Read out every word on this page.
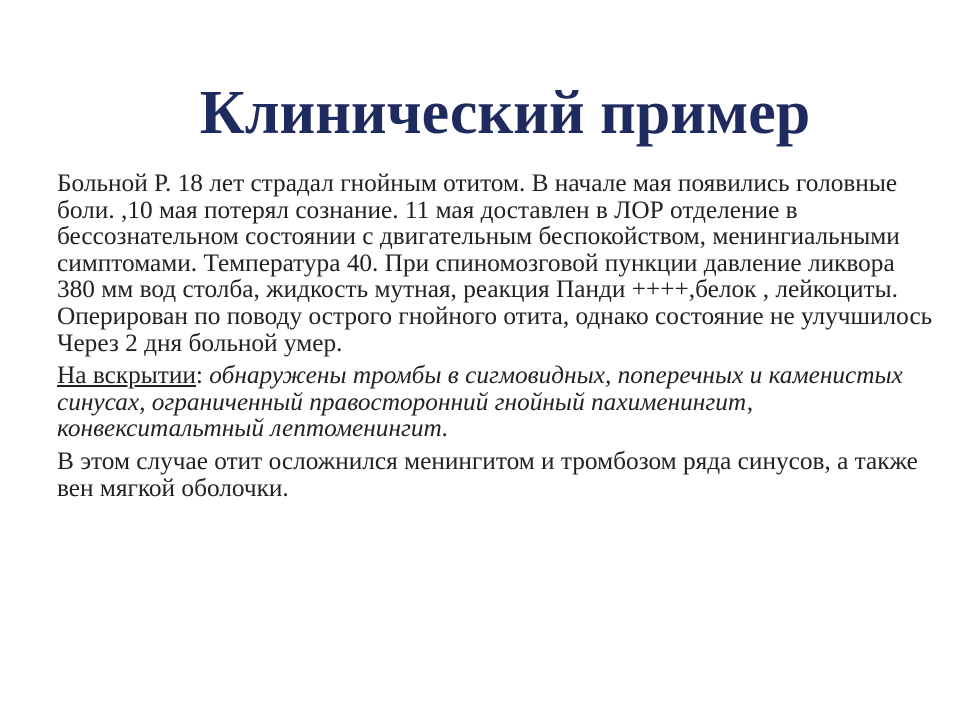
Клинический пример

Больной Р. 18 лет страдал гнойным отитом. В начале мая появились головные боли. ,10 мая потерял сознание. 11 мая доставлен в ЛОР отделение в бессознательном состоянии с двигательным беспокойством, менингиальными симптомами. Температура 40. При спиномозговой пункции давление ликвора 380 мм вод столба, жидкость мутная, реакция Панди ++++,белок , лейкоциты. Оперирован по поводу острого гнойного отита, однако состояние не улучшилось Через 2 дня больной умер.

На вскрытии: обнаружены тромбы в сигмовидных, поперечных и каменистых синусах, ограниченный правосторонний гнойный пахименингит, конвекситальтный лептоменингит.

В этом случае отит осложнился менингитом и тромбозом ряда синусов, а также вен мягкой оболочки.
